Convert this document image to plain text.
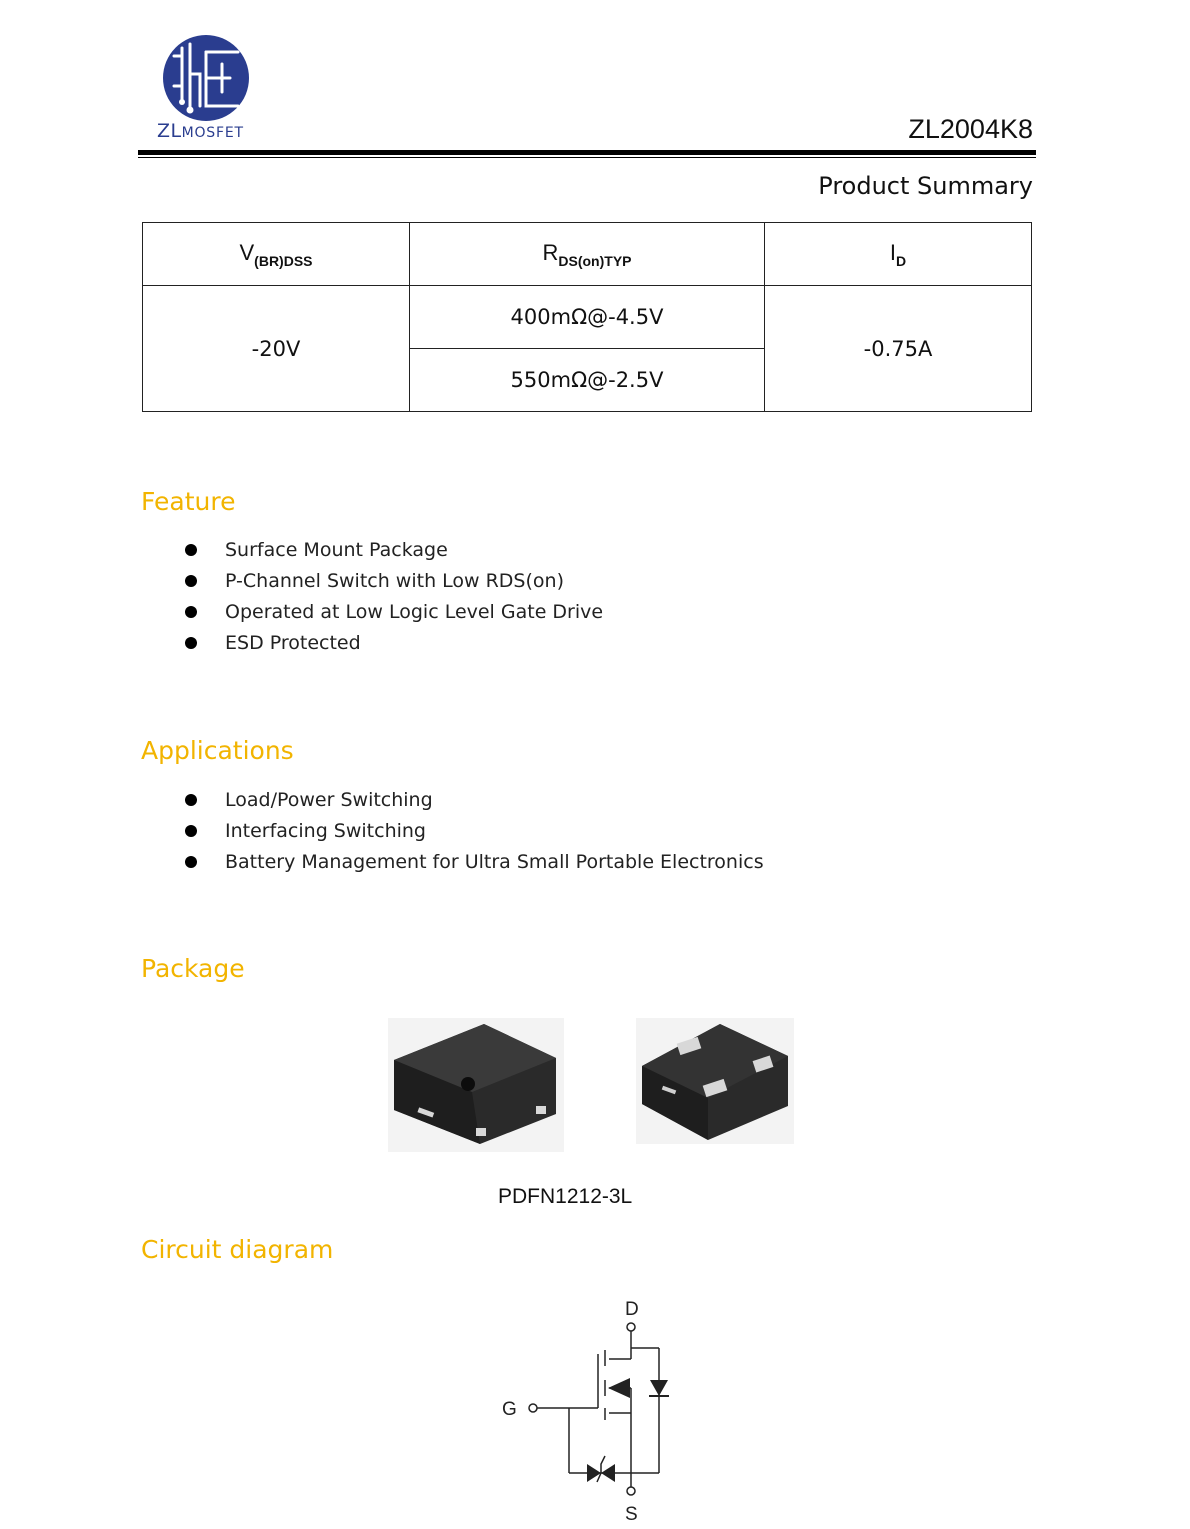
ZLMOSFET	ZL2004K8
Product Summary
$V_{(BR)DSS}$	$R_{DS(on)TYP}$	$I_D$
-20V	400mΩ@-4.5V	-0.75A
	550mΩ@-2.5V	
Feature
Surface Mount Package
P-Channel Switch with Low RDS(on)
Operated at Low Logic Level Gate Drive
ESD Protected
Applications
Load/Power Switching
Interfacing Switching
Battery Management for Ultra Small Portable Electronics
Package
PDFN1212-3L
Circuit diagram
D
G
S
